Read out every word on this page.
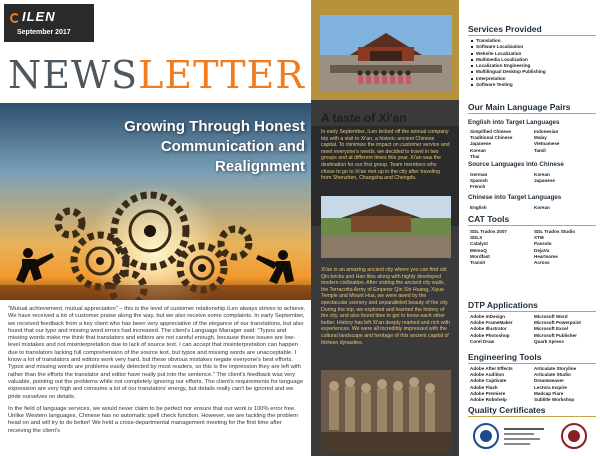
ILEN
September 2017
NEWSLETTER
Growing Through Honest Communication and Realignment

"Mutual achievement, mutual appreciation" – this is the level of customer relationship iLen always strives to achieve. We have received a lot of customer praise along the way, but we also receive some complaints. In early September, we received feedback from a key client who has been very appreciative of the elegance of our translations, but also found that our typo and missing word errors had increased. The client's Language Manager said: "Typos and missing words make me think that translators and editors are not careful enough, because these issues are low-level mistakes and not misinterpretation due to lack of source text. I can accept that misinterpretation can happen due to translators lacking full comprehension of the source text, but typos and missing words are unacceptable. I know a lot of translators and editors work very hard, but these obvious mistakes negate everyone's best efforts. Typos and missing words are problems easily detected by most readers, so this is the impression they are left with rather than the efforts the translator and editor have really put into the sentence." The client's feedback was very valuable, pointing out the problems while not completely ignoring our efforts. The client's requirements for language expression are very high and consume a lot of our translators' energy, but details really can't be ignored and we pride ourselves on details.

In the field of language services, we would never claim to be perfect nor ensure that our work is 100% error free. Unlike Western languages, Chinese has no automatic spell check function. However, we are tackling the problem head on and will try to do better! We held a cross-departmental management meeting for the first time after receiving the client's

A taste of Xi'an
In early September, iLen kicked off the annual company trip with a visit to Xi'an, a historic ancient Chinese capital. To minimize the impact on customer service and meet everyone's needs, we decided to travel in two groups and at different times this year. Xi'an was the destination for our first group. Team members who chose to go to Xi'an met up in the city after traveling from Shenzhen, Changsha and Chengdu.
Xi'an is an amazing ancient city where you can find old Qin bricks and Han tiles along with highly developed modern civilization. After visiting the ancient city walls, the Terracotta Army of Emperor Qin Shi Huang, Xiyue Temple and Mount Hua, we were awed by the spectacular scenery and unparalleled beauty of the city. During the trip, we explored and learned the history of the city, and also found time to get to know each other better. History has left Xi'an deeply marked and rich with experiences. We were all incredibly impressed with the cultural landscape and heritage of this ancient capital of thirteen dynasties.
Services Provided
Translation
Software Localization
Website Localization
Multimedia Localization
Localization Engineering
Multilingual Desktop Publishing
Interpretation
Software Testing
Our Main Language Pairs
English into Target Languages
Simplified Chinese	Indonesian
Traditional Chinese	Malay
Japanese	Vietnamese
Korean	Tamil
Thai
Source Languages into Chinese
German	Korean
Spanish	Japanese
French
Chinese into Target Languages
English	Korean
CAT Tools
SDL Trados 2007	SDL Trados Studio
SDLX	XTM
Catalyst	Passolo
MemoQ	DejaVu
Wordfast	Heartsome
Transit	Across
DTP Applications
Adobe InDesign	Microsoft Word
Adobe FrameMaker	Microsoft Powerpoint
Adobe Illustrator	Microsoft Excel
Adobe Photoshop	Microsoft Publisher
Corel Draw	Quark Xpress
Engineering Tools
Adobe After Effects	Articulate Storyline
Adobe Audition	Articulate Studio
Adobe Captivate	Dreamweaver
Adobe Flash	Lectora Inspire
Adobe Premiere	Madcap Flare
Adobe Robohelp	Sublitle Workshop
Quality Certificates
